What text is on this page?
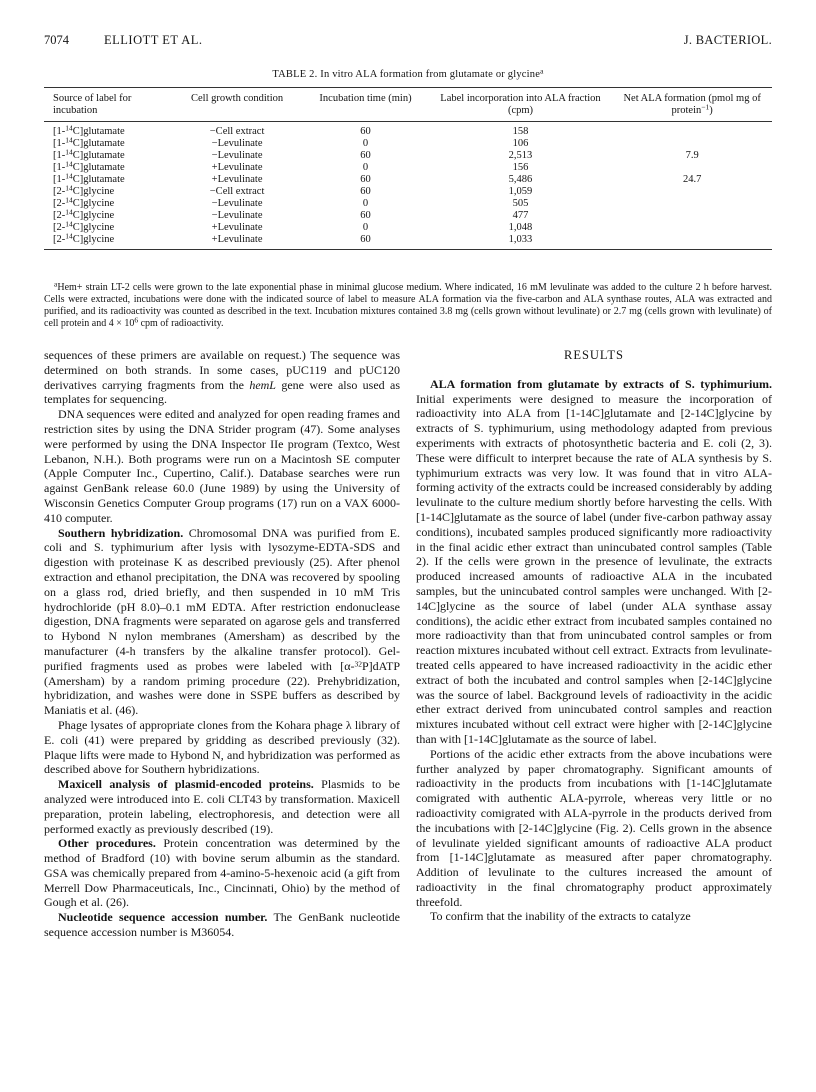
7074	ELLIOTT ET AL.	J. BACTERIOL.
TABLE 2. In vitro ALA formation from glutamate or glycine$^a$

Source of label for incubation	Cell growth condition	Incubation time (min)	Label incorporation into ALA fraction (cpm)	Net ALA formation (pmol mg of protein$^{-1}$)

[1-$^{14}$C]glutamate	−Cell extract	60	158	
[1-$^{14}$C]glutamate	−Levulinate	0	106	
[1-$^{14}$C]glutamate	−Levulinate	60	2,513	7.9
[1-$^{14}$C]glutamate	+Levulinate	0	156	
[1-$^{14}$C]glutamate	+Levulinate	60	5,486	24.7
[2-$^{14}$C]glycine	−Cell extract	60	1,059	
[2-$^{14}$C]glycine	−Levulinate	0	505	
[2-$^{14}$C]glycine	−Levulinate	60	477	
[2-$^{14}$C]glycine	+Levulinate	0	1,048	
[2-$^{14}$C]glycine	+Levulinate	60	1,033	

$^a$Hem+ strain LT-2 cells were grown to the late exponential phase in minimal glucose medium. Where indicated, 16 mM levulinate was added to the culture 2 h before harvest. Cells were extracted, incubations were done with the indicated source of label to measure ALA formation via the five-carbon and ALA synthase routes, ALA was extracted and purified, and its radioactivity was counted as described in the text. Incubation mixtures contained 3.8 mg (cells grown without levulinate) or 2.7 mg (cells grown with levulinate) of cell protein and $4 \times 10^6$ cpm of radioactivity.

sequences of these primers are available on request.) The sequence was determined on both strands. In some cases, pUC119 and pUC120 derivatives carrying fragments from the hemL gene were also used as templates for sequencing.

DNA sequences were edited and analyzed for open reading frames and restriction sites by using the DNA Strider program (47). Some analyses were performed by using the DNA Inspector IIe program (Textco, West Lebanon, N.H.). Both programs were run on a Macintosh SE computer (Apple Computer Inc., Cupertino, Calif.). Database searches were run against GenBank release 60.0 (June 1989) by using the University of Wisconsin Genetics Computer Group programs (17) run on a VAX 6000-410 computer.

Southern hybridization. Chromosomal DNA was purified from E. coli and S. typhimurium after lysis with lysozyme-EDTA-SDS and digestion with proteinase K as described previously (25). After phenol extraction and ethanol precipitation, the DNA was recovered by spooling on a glass rod, dried briefly, and then suspended in 10 mM Tris hydrochloride (pH 8.0)–0.1 mM EDTA. After restriction endonuclease digestion, DNA fragments were separated on agarose gels and transferred to Hybond N nylon membranes (Amersham) as described by the manufacturer (4-h transfers by the alkaline transfer protocol). Gel-purified fragments used as probes were labeled with [α-$^{32}$P]dATP (Amersham) by a random priming procedure (22). Prehybridization, hybridization, and washes were done in SSPE buffers as described by Maniatis et al. (46).

Phage lysates of appropriate clones from the Kohara phage λ library of E. coli (41) were prepared by gridding as described previously (32). Plaque lifts were made to Hybond N, and hybridization was performed as described above for Southern hybridizations.

Maxicell analysis of plasmid-encoded proteins. Plasmids to be analyzed were introduced into E. coli CLT43 by transformation. Maxicell preparation, protein labeling, electrophoresis, and detection were all performed exactly as previously described (19).

Other procedures. Protein concentration was determined by the method of Bradford (10) with bovine serum albumin as the standard. GSA was chemically prepared from 4-amino-5-hexenoic acid (a gift from Merrell Dow Pharmaceuticals, Inc., Cincinnati, Ohio) by the method of Gough et al. (26).

Nucleotide sequence accession number. The GenBank nucleotide sequence accession number is M36054.

RESULTS

ALA formation from glutamate by extracts of S. typhimurium. Initial experiments were designed to measure the incorporation of radioactivity into ALA from [1-14C]glutamate and [2-14C]glycine by extracts of S. typhimurium, using methodology adapted from previous experiments with extracts of photosynthetic bacteria and E. coli (2, 3). These were difficult to interpret because the rate of ALA synthesis by S. typhimurium extracts was very low. It was found that in vitro ALA-forming activity of the extracts could be increased considerably by adding levulinate to the culture medium shortly before harvesting the cells. With [1-14C]glutamate as the source of label (under five-carbon pathway assay conditions), incubated samples produced significantly more radioactivity in the final acidic ether extract than unincubated control samples (Table 2). If the cells were grown in the presence of levulinate, the extracts produced increased amounts of radioactive ALA in the incubated samples, but the unincubated control samples were unchanged. With [2-14C]glycine as the source of label (under ALA synthase assay conditions), the acidic ether extract from incubated samples contained no more radioactivity than that from unincubated control samples or from reaction mixtures incubated without cell extract. Extracts from levulinate-treated cells appeared to have increased radioactivity in the acidic ether extract of both the incubated and control samples when [2-14C]glycine was the source of label. Background levels of radioactivity in the acidic ether extract derived from unincubated control samples and reaction mixtures incubated without cell extract were higher with [2-14C]glycine than with [1-14C]glutamate as the source of label.

Portions of the acidic ether extracts from the above incubations were further analyzed by paper chromatography. Significant amounts of radioactivity in the products from incubations with [1-14C]glutamate comigrated with authentic ALA-pyrrole, whereas very little or no radioactivity comigrated with ALA-pyrrole in the products derived from the incubations with [2-14C]glycine (Fig. 2). Cells grown in the absence of levulinate yielded significant amounts of radioactive ALA product from [1-14C]glutamate as measured after paper chromatography. Addition of levulinate to the cultures increased the amount of radioactivity in the final chromatography product approximately threefold.

To confirm that the inability of the extracts to catalyze
